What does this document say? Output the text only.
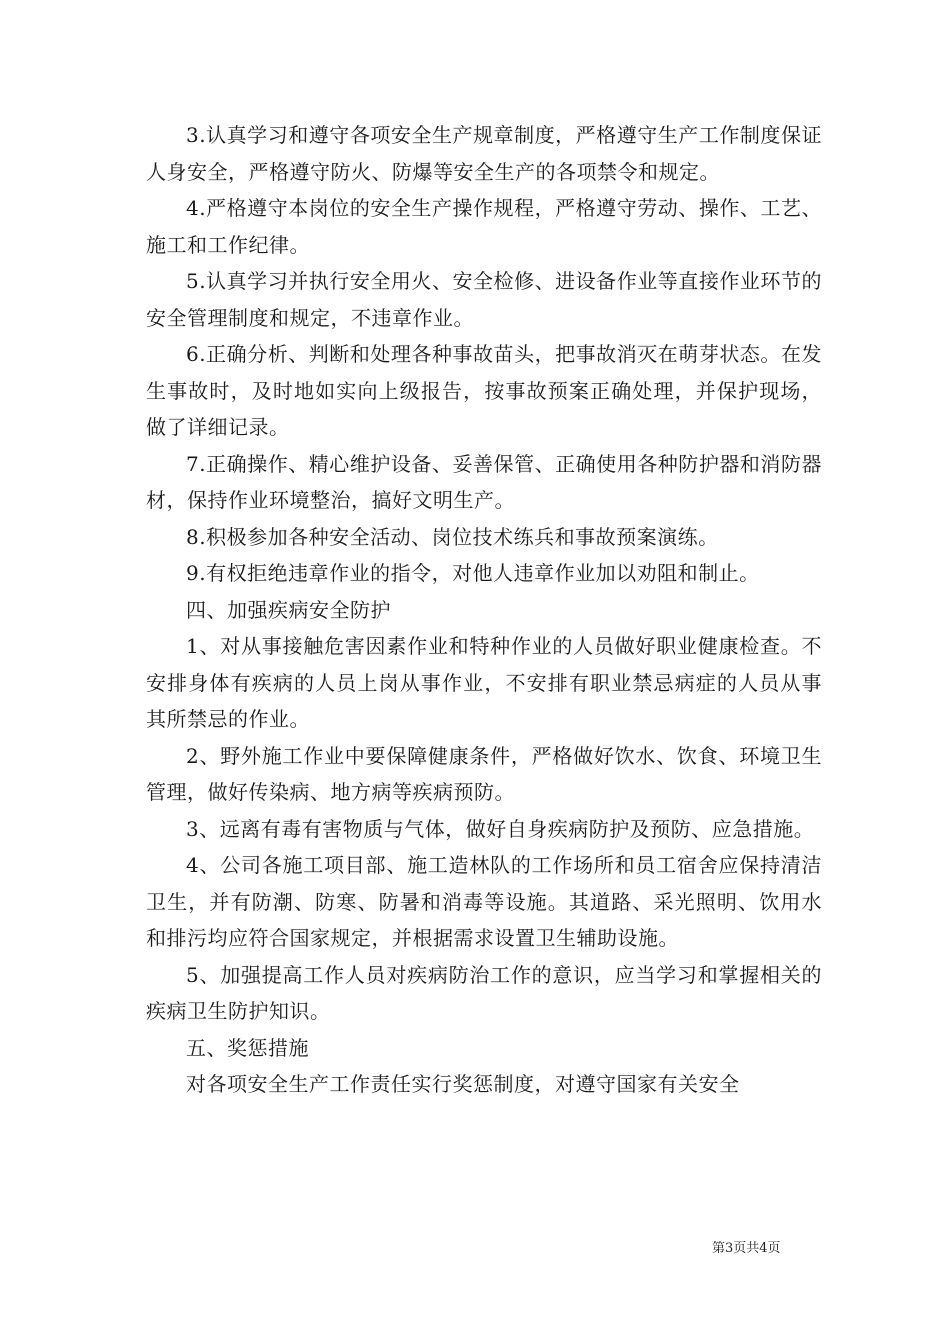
3.认真学习和遵守各项安全生产规章制度，严格遵守生产工作制度保证人身安全，严格遵守防火、防爆等安全生产的各项禁令和规定。

4.严格遵守本岗位的安全生产操作规程，严格遵守劳动、操作、工艺、施工和工作纪律。

5.认真学习并执行安全用火、安全检修、进设备作业等直接作业环节的安全管理制度和规定，不违章作业。

6.正确分析、判断和处理各种事故苗头，把事故消灭在萌芽状态。在发生事故时，及时地如实向上级报告，按事故预案正确处理，并保护现场，做了详细记录。

7.正确操作、精心维护设备、妥善保管、正确使用各种防护器和消防器材，保持作业环境整治，搞好文明生产。

8.积极参加各种安全活动、岗位技术练兵和事故预案演练。

9.有权拒绝违章作业的指令，对他人违章作业加以劝阻和制止。

四、加强疾病安全防护

1、对从事接触危害因素作业和特种作业的人员做好职业健康检查。不安排身体有疾病的人员上岗从事作业，不安排有职业禁忌病症的人员从事其所禁忌的作业。

2、野外施工作业中要保障健康条件，严格做好饮水、饮食、环境卫生管理，做好传染病、地方病等疾病预防。

3、远离有毒有害物质与气体，做好自身疾病防护及预防、应急措施。

4、公司各施工项目部、施工造林队的工作场所和员工宿舍应保持清洁卫生，并有防潮、防寒、防暑和消毒等设施。其道路、采光照明、饮用水和排污均应符合国家规定，并根据需求设置卫生辅助设施。

5、加强提高工作人员对疾病防治工作的意识，应当学习和掌握相关的疾病卫生防护知识。

五、奖惩措施

对各项安全生产工作责任实行奖惩制度，对遵守国家有关安全

第3页共4页
